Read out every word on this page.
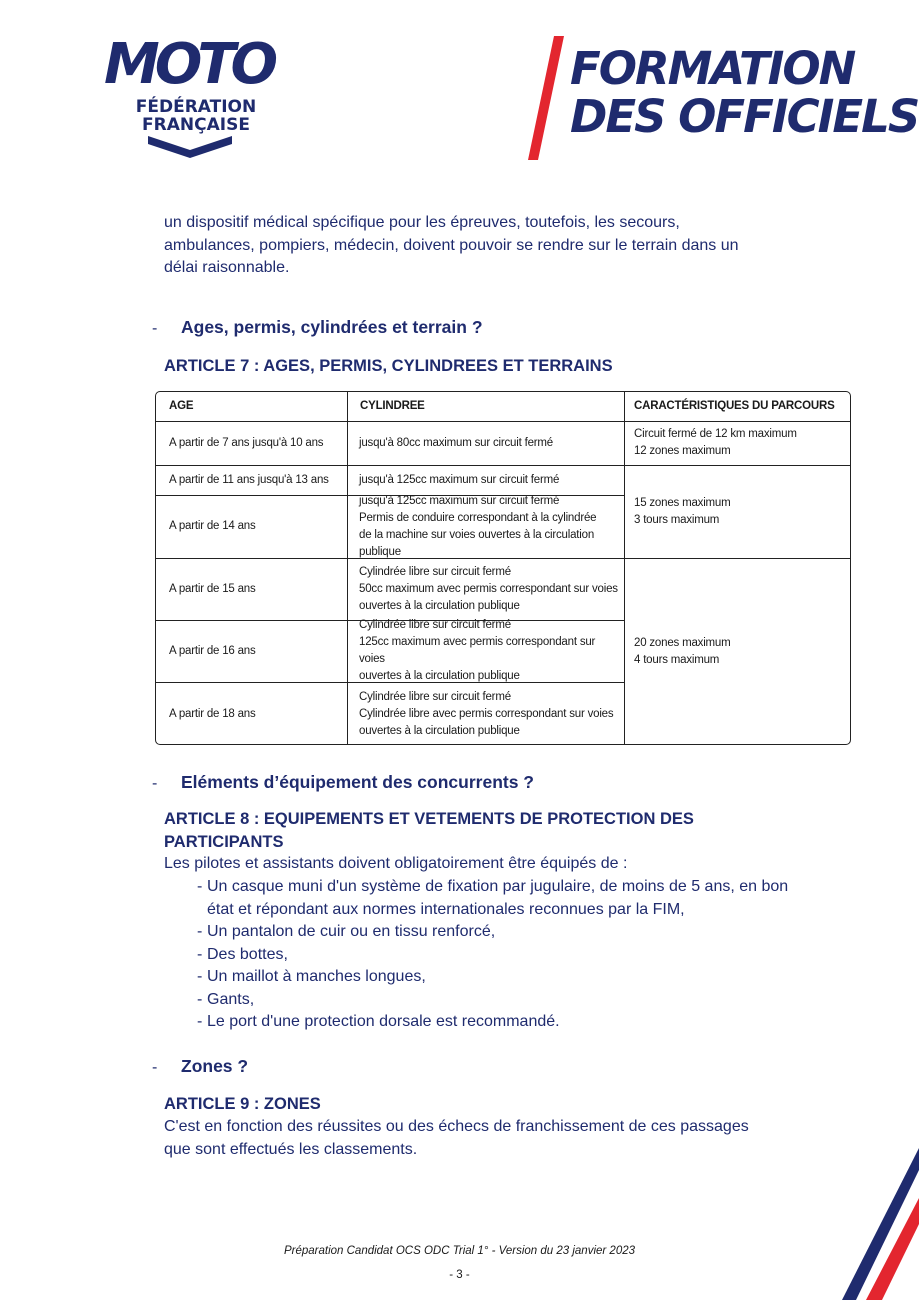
MOTO
FÉDÉRATION
FRANÇAISE
FORMATION
DES OFFICIELS
un dispositif médical spécifique pour les épreuves, toutefois, les secours,
ambulances, pompiers, médecin, doivent pouvoir se rendre sur le terrain dans un
délai raisonnable.
- Ages, permis, cylindrées et terrain ?
ARTICLE 7 : AGES, PERMIS, CYLINDREES ET TERRAINS
AGE	CYLINDREE	CARACTÉRISTIQUES DU PARCOURS
A partir de 7 ans jusqu'à 10 ans
A partir de 11 ans jusqu'à 13 ans
A partir de 14 ans
A partir de 15 ans
A partir de 16 ans
A partir de 18 ans
jusqu'à 80cc maximum sur circuit fermé
jusqu'à 125cc maximum sur circuit fermé
jusqu'à 125cc maximum sur circuit fermé
Permis de conduire correspondant à la cylindrée
de la machine sur voies ouvertes à la circulation publique
Cylindrée libre sur circuit fermé
50cc maximum avec permis correspondant sur voies
ouvertes à la circulation publique
Cylindrée libre sur circuit fermé
125cc maximum avec permis correspondant sur voies
ouvertes à la circulation publique
Cylindrée libre sur circuit fermé
Cylindrée libre avec permis correspondant sur voies
ouvertes à la circulation publique
Circuit fermé de 12 km maximum
12 zones maximum
15 zones maximum
3 tours maximum
20 zones maximum
4 tours maximum
- Eléments d’équipement des concurrents ?
ARTICLE 8 : EQUIPEMENTS ET VETEMENTS DE PROTECTION DES
PARTICIPANTS
Les pilotes et assistants doivent obligatoirement être équipés de :
- Un casque muni d'un système de fixation par jugulaire, de moins de 5 ans, en bon état et répondant aux normes internationales reconnues par la FIM,
- Un pantalon de cuir ou en tissu renforcé,
- Des bottes,
- Un maillot à manches longues,
- Gants,
- Le port d'une protection dorsale est recommandé.
- Zones ?
ARTICLE 9 : ZONES
C'est en fonction des réussites ou des échecs de franchissement de ces passages
que sont effectués les classements.
Préparation Candidat OCS ODC Trial 1° - Version du 23 janvier 2023
- 3 -
